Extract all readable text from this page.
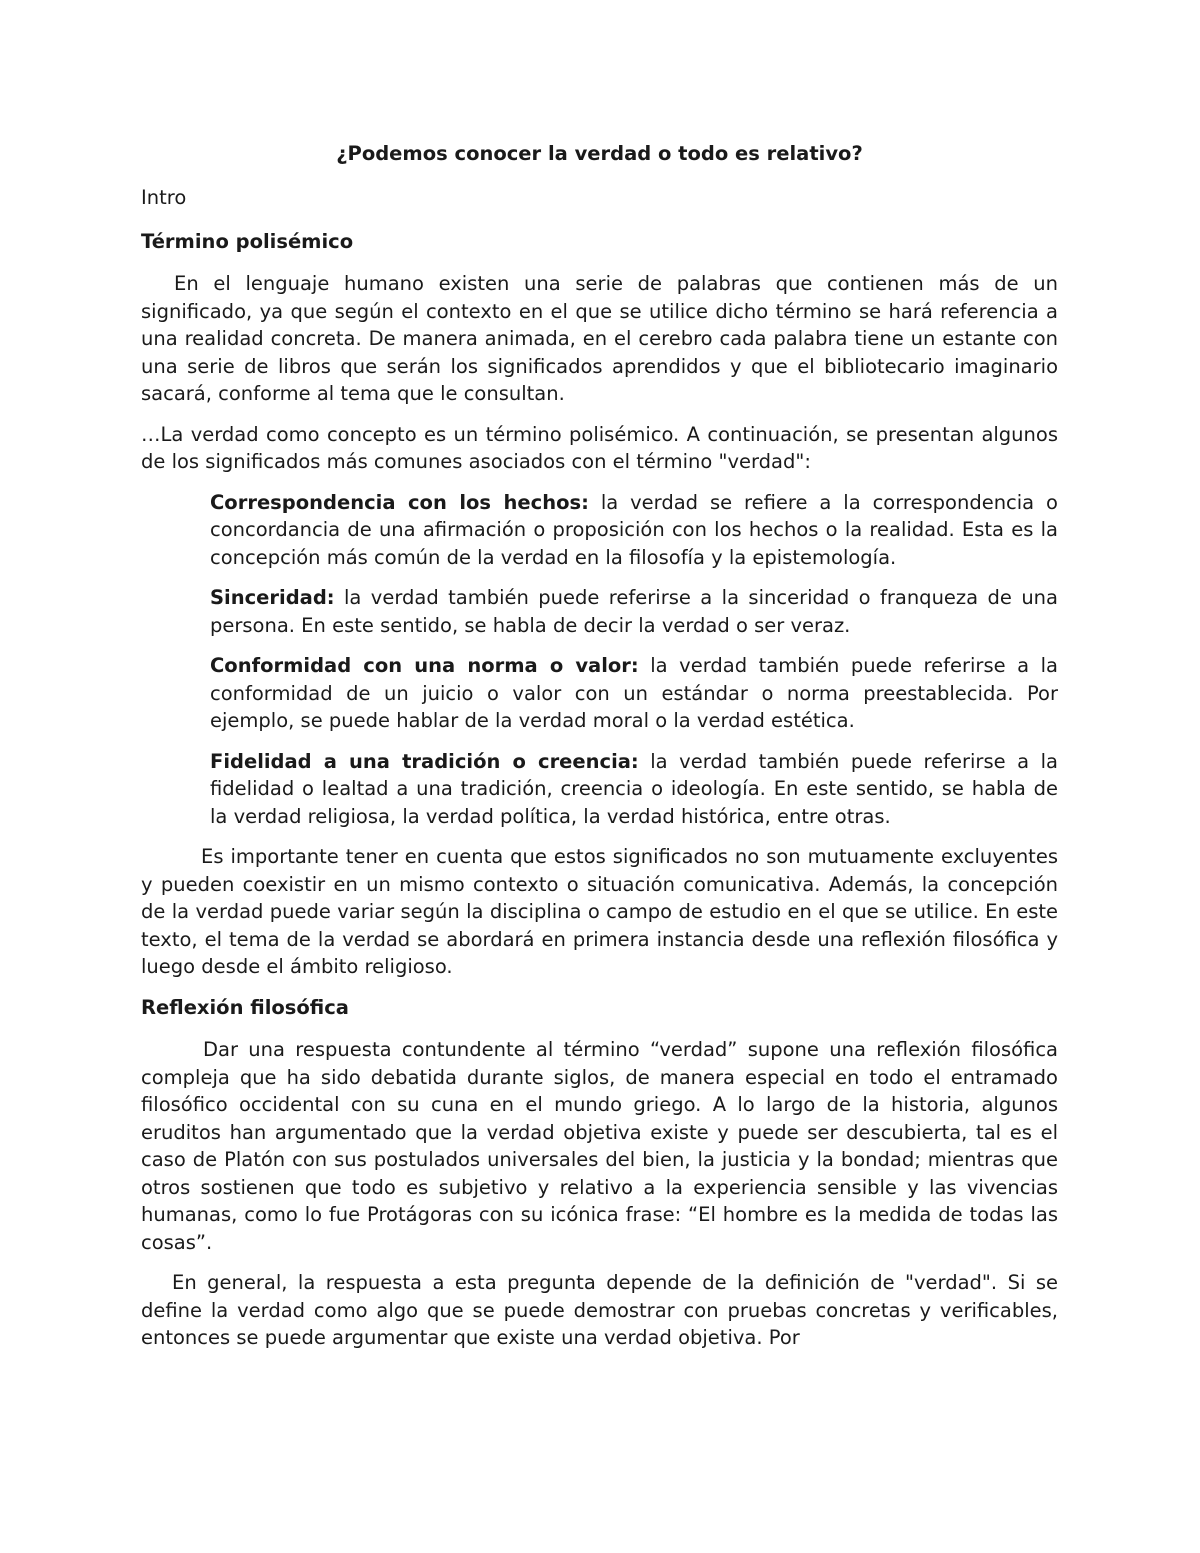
¿Podemos conocer la verdad o todo es relativo?
Intro
Término polisémico

En el lenguaje humano existen una serie de palabras que contienen más de un significado, ya que según el contexto en el que se utilice dicho término se hará referencia a una realidad concreta. De manera animada, en el cerebro cada palabra tiene un estante con una serie de libros que serán los significados aprendidos y que el bibliotecario imaginario sacará, conforme al tema que le consultan.

…La verdad como concepto es un término polisémico. A continuación, se presentan algunos de los significados más comunes asociados con el término "verdad":

Correspondencia con los hechos: la verdad se refiere a la correspondencia o concordancia de una afirmación o proposición con los hechos o la realidad. Esta es la concepción más común de la verdad en la filosofía y la epistemología.

Sinceridad: la verdad también puede referirse a la sinceridad o franqueza de una persona. En este sentido, se habla de decir la verdad o ser veraz.

Conformidad con una norma o valor: la verdad también puede referirse a la conformidad de un juicio o valor con un estándar o norma preestablecida. Por ejemplo, se puede hablar de la verdad moral o la verdad estética.

Fidelidad a una tradición o creencia: la verdad también puede referirse a la fidelidad o lealtad a una tradición, creencia o ideología. En este sentido, se habla de la verdad religiosa, la verdad política, la verdad histórica, entre otras.

Es importante tener en cuenta que estos significados no son mutuamente excluyentes y pueden coexistir en un mismo contexto o situación comunicativa. Además, la concepción de la verdad puede variar según la disciplina o campo de estudio en el que se utilice. En este texto, el tema de la verdad se abordará en primera instancia desde una reflexión filosófica y luego desde el ámbito religioso.

Reflexión filosófica

Dar una respuesta contundente al término “verdad” supone una reflexión filosófica compleja que ha sido debatida durante siglos, de manera especial en todo el entramado filosófico occidental con su cuna en el mundo griego. A lo largo de la historia, algunos eruditos han argumentado que la verdad objetiva existe y puede ser descubierta, tal es el caso de Platón con sus postulados universales del bien, la justicia y la bondad; mientras que otros sostienen que todo es subjetivo y relativo a la experiencia sensible y las vivencias humanas, como lo fue Protágoras con su icónica frase: “El hombre es la medida de todas las cosas”.

En general, la respuesta a esta pregunta depende de la definición de "verdad". Si se define la verdad como algo que se puede demostrar con pruebas concretas y verificables, entonces se puede argumentar que existe una verdad objetiva. Por
